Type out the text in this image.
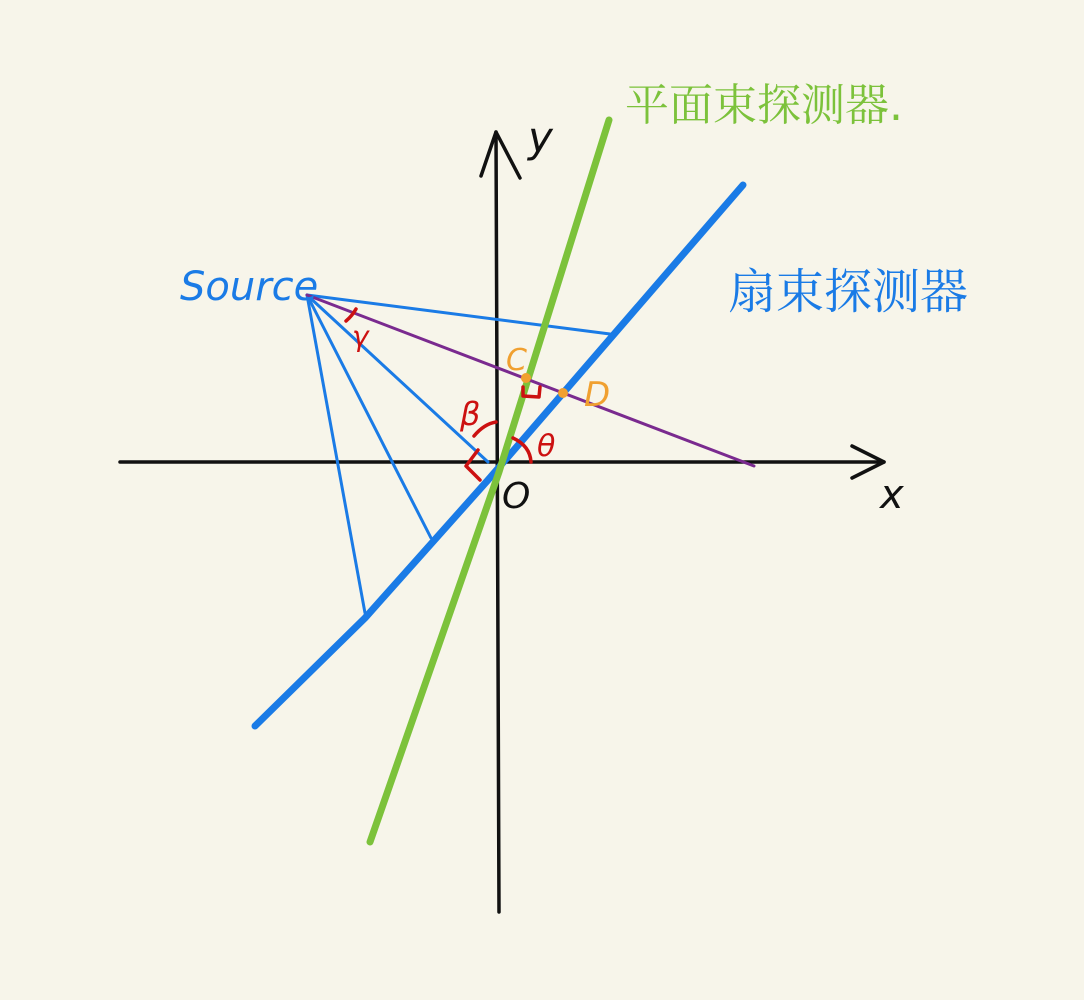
x
y
O
Source
平面束探测器.
扇束探测器
C
D
θ
β
γ
